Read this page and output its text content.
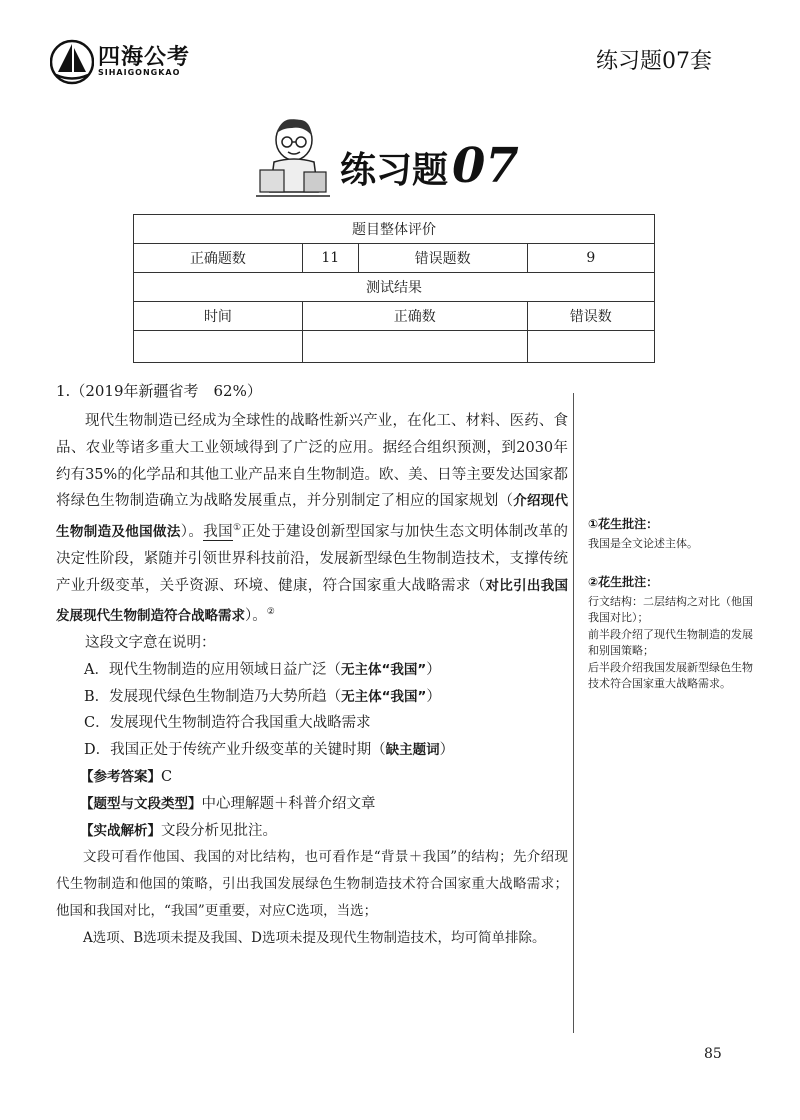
四海公考
SIHAIGONGKAO	练习题07套
练习题07
题目整体评价			
正确题数	11	错误题数	9
测试结果			
时间	正确数		错误数

1.（2019年新疆省考　62%）

现代生物制造已经成为全球性的战略性新兴产业，在化工、材料、医药、食品、农业等诸多重大工业领域得到了广泛的应用。据经合组织预测，到2030年约有35%的化学品和其他工业产品来自生物制造。欧、美、日等主要发达国家都将绿色生物制造确立为战略发展重点，并分别制定了相应的国家规划（介绍现代生物制造及他国做法）。我国①正处于建设创新型国家与加快生态文明体制改革的决定性阶段，紧随并引领世界科技前沿，发展新型绿色生物制造技术，支撑传统产业升级变革，关乎资源、环境、健康，符合国家重大战略需求（对比引出我国发展现代生物制造符合战略需求）。②

这段文字意在说明：

A．现代生物制造的应用领域日益广泛（无主体“我国”）
B．发展现代绿色生物制造乃大势所趋（无主体“我国”）
C．发展现代生物制造符合我国重大战略需求
D．我国正处于传统产业升级变革的关键时期（缺主题词）
【参考答案】C
【题型与文段类型】中心理解题＋科普介绍文章
【实战解析】文段分析见批注。

文段可看作他国、我国的对比结构，也可看作是“背景＋我国”的结构；先介绍现代生物制造和他国的策略，引出我国发展绿色生物制造技术符合国家重大战略需求；他国和我国对比，“我国”更重要，对应C选项，当选；

A选项、B选项未提及我国、D选项未提及现代生物制造技术，均可简单排除。

①花生批注：
我国是全文论述主体。
②花生批注：
行文结构：二层结构之对比（他国我国对比）；
前半段介绍了现代生物制造的发展和别国策略；
后半段介绍我国发展新型绿色生物技术符合国家重大战略需求。
85
